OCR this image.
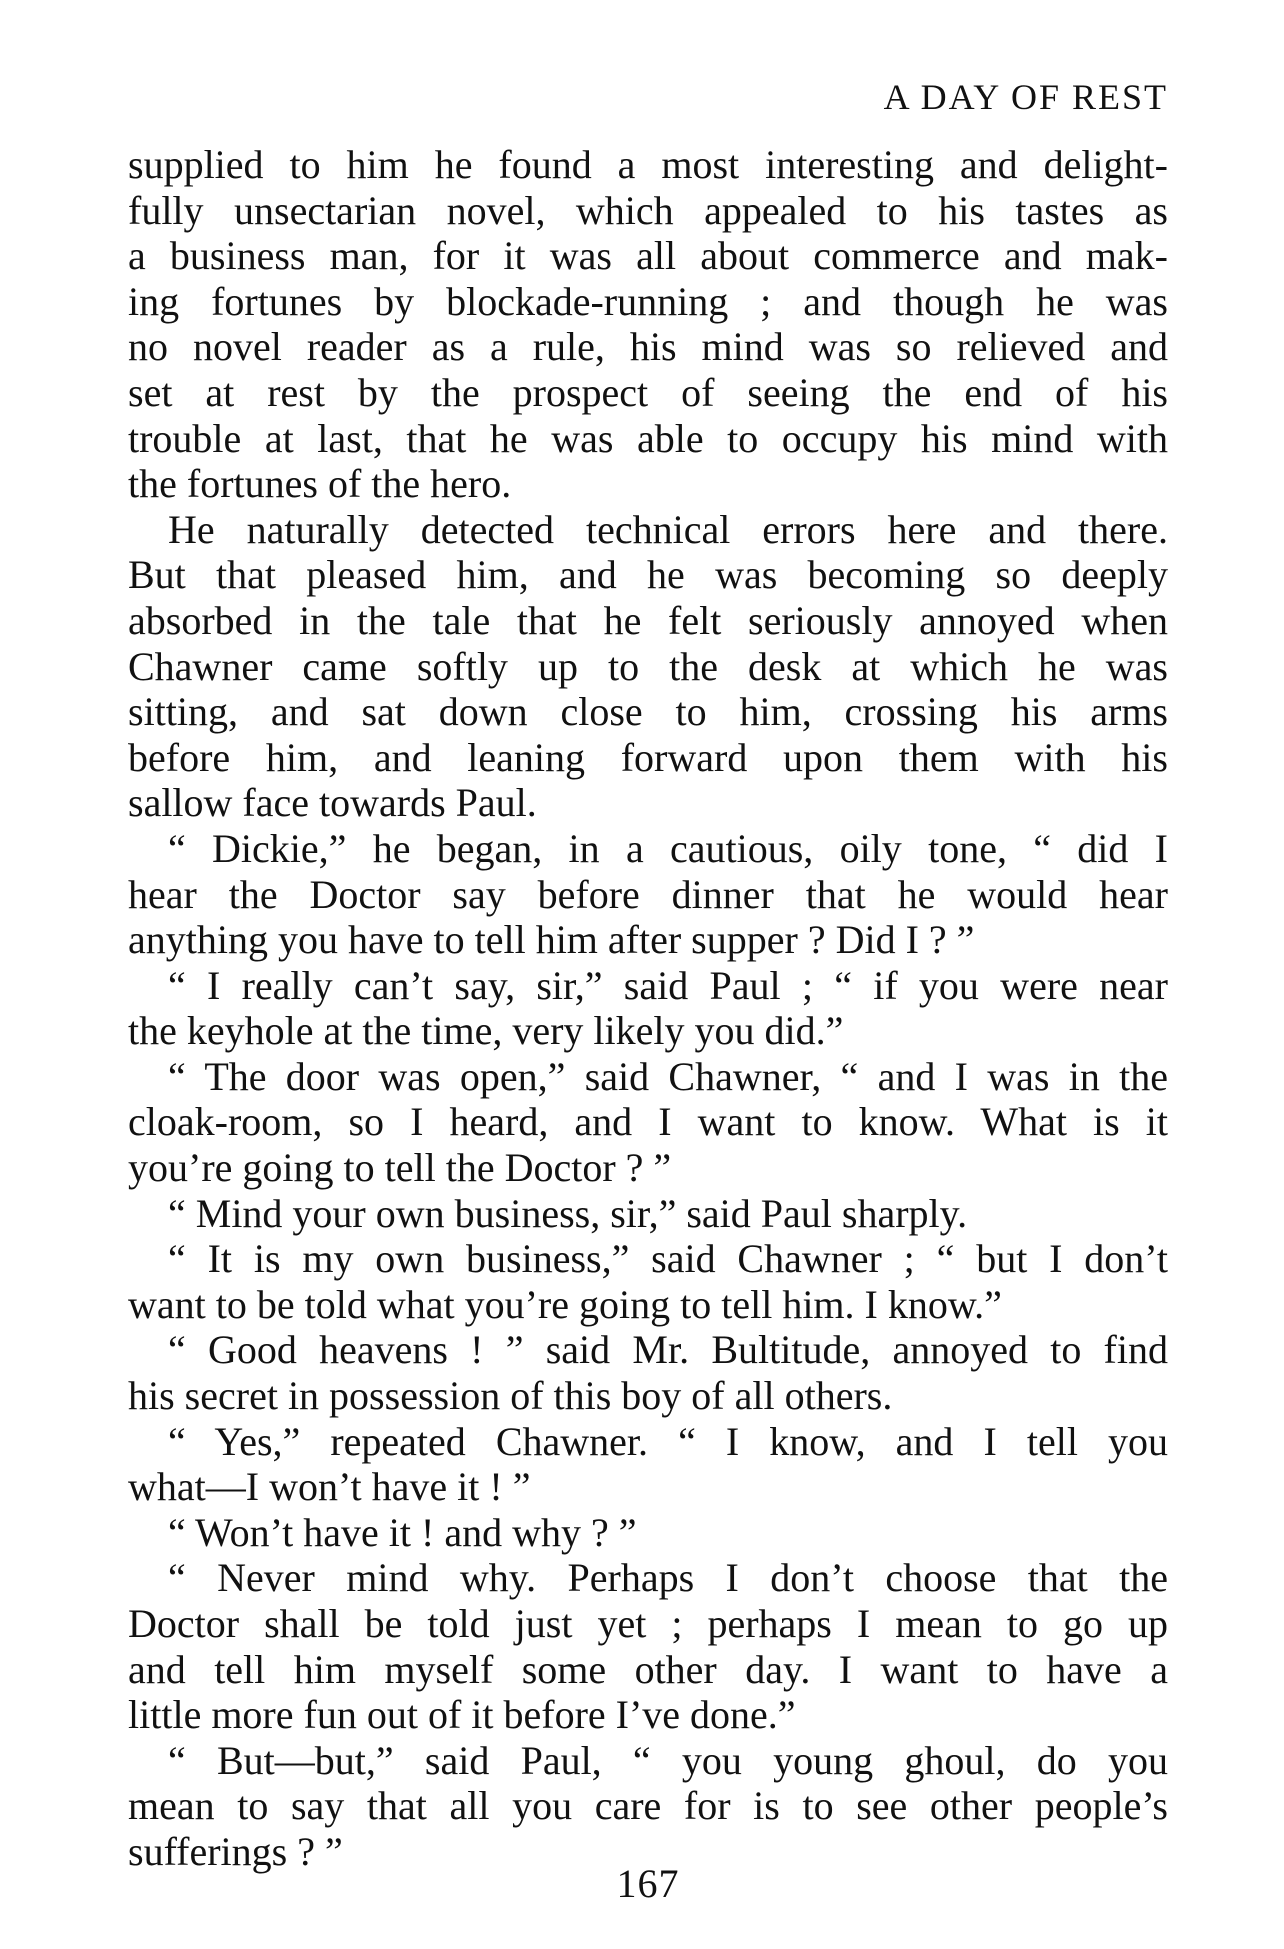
A DAY OF REST
supplied to him he found a most interesting and delight-
fully unsectarian novel, which appealed to his tastes as
a business man, for it was all about commerce and mak-
ing fortunes by blockade-running ; and though he was
no novel reader as a rule, his mind was so relieved and
set at rest by the prospect of seeing the end of his
trouble at last, that he was able to occupy his mind with
the fortunes of the hero.
He naturally detected technical errors here and there.
But that pleased him, and he was becoming so deeply
absorbed in the tale that he felt seriously annoyed when
Chawner came softly up to the desk at which he was
sitting, and sat down close to him, crossing his arms
before him, and leaning forward upon them with his
sallow face towards Paul.
“ Dickie,” he began, in a cautious, oily tone, “ did I
hear the Doctor say before dinner that he would hear
anything you have to tell him after supper ? Did I ? ”
“ I really can’t say, sir,” said Paul ; “ if you were near
the keyhole at the time, very likely you did.”
“ The door was open,” said Chawner, “ and I was in the
cloak-room, so I heard, and I want to know. What is it
you’re going to tell the Doctor ? ”
“ Mind your own business, sir,” said Paul sharply.
“ It is my own business,” said Chawner ; “ but I don’t
want to be told what you’re going to tell him. I know.”
“ Good heavens ! ” said Mr. Bultitude, annoyed to find
his secret in possession of this boy of all others.
“ Yes,” repeated Chawner. “ I know, and I tell you
what—I won’t have it ! ”
“ Won’t have it ! and why ? ”
“ Never mind why. Perhaps I don’t choose that the
Doctor shall be told just yet ; perhaps I mean to go up
and tell him myself some other day. I want to have a
little more fun out of it before I’ve done.”
“ But—but,” said Paul, “ you young ghoul, do you
mean to say that all you care for is to see other people’s
sufferings ? ”
167
